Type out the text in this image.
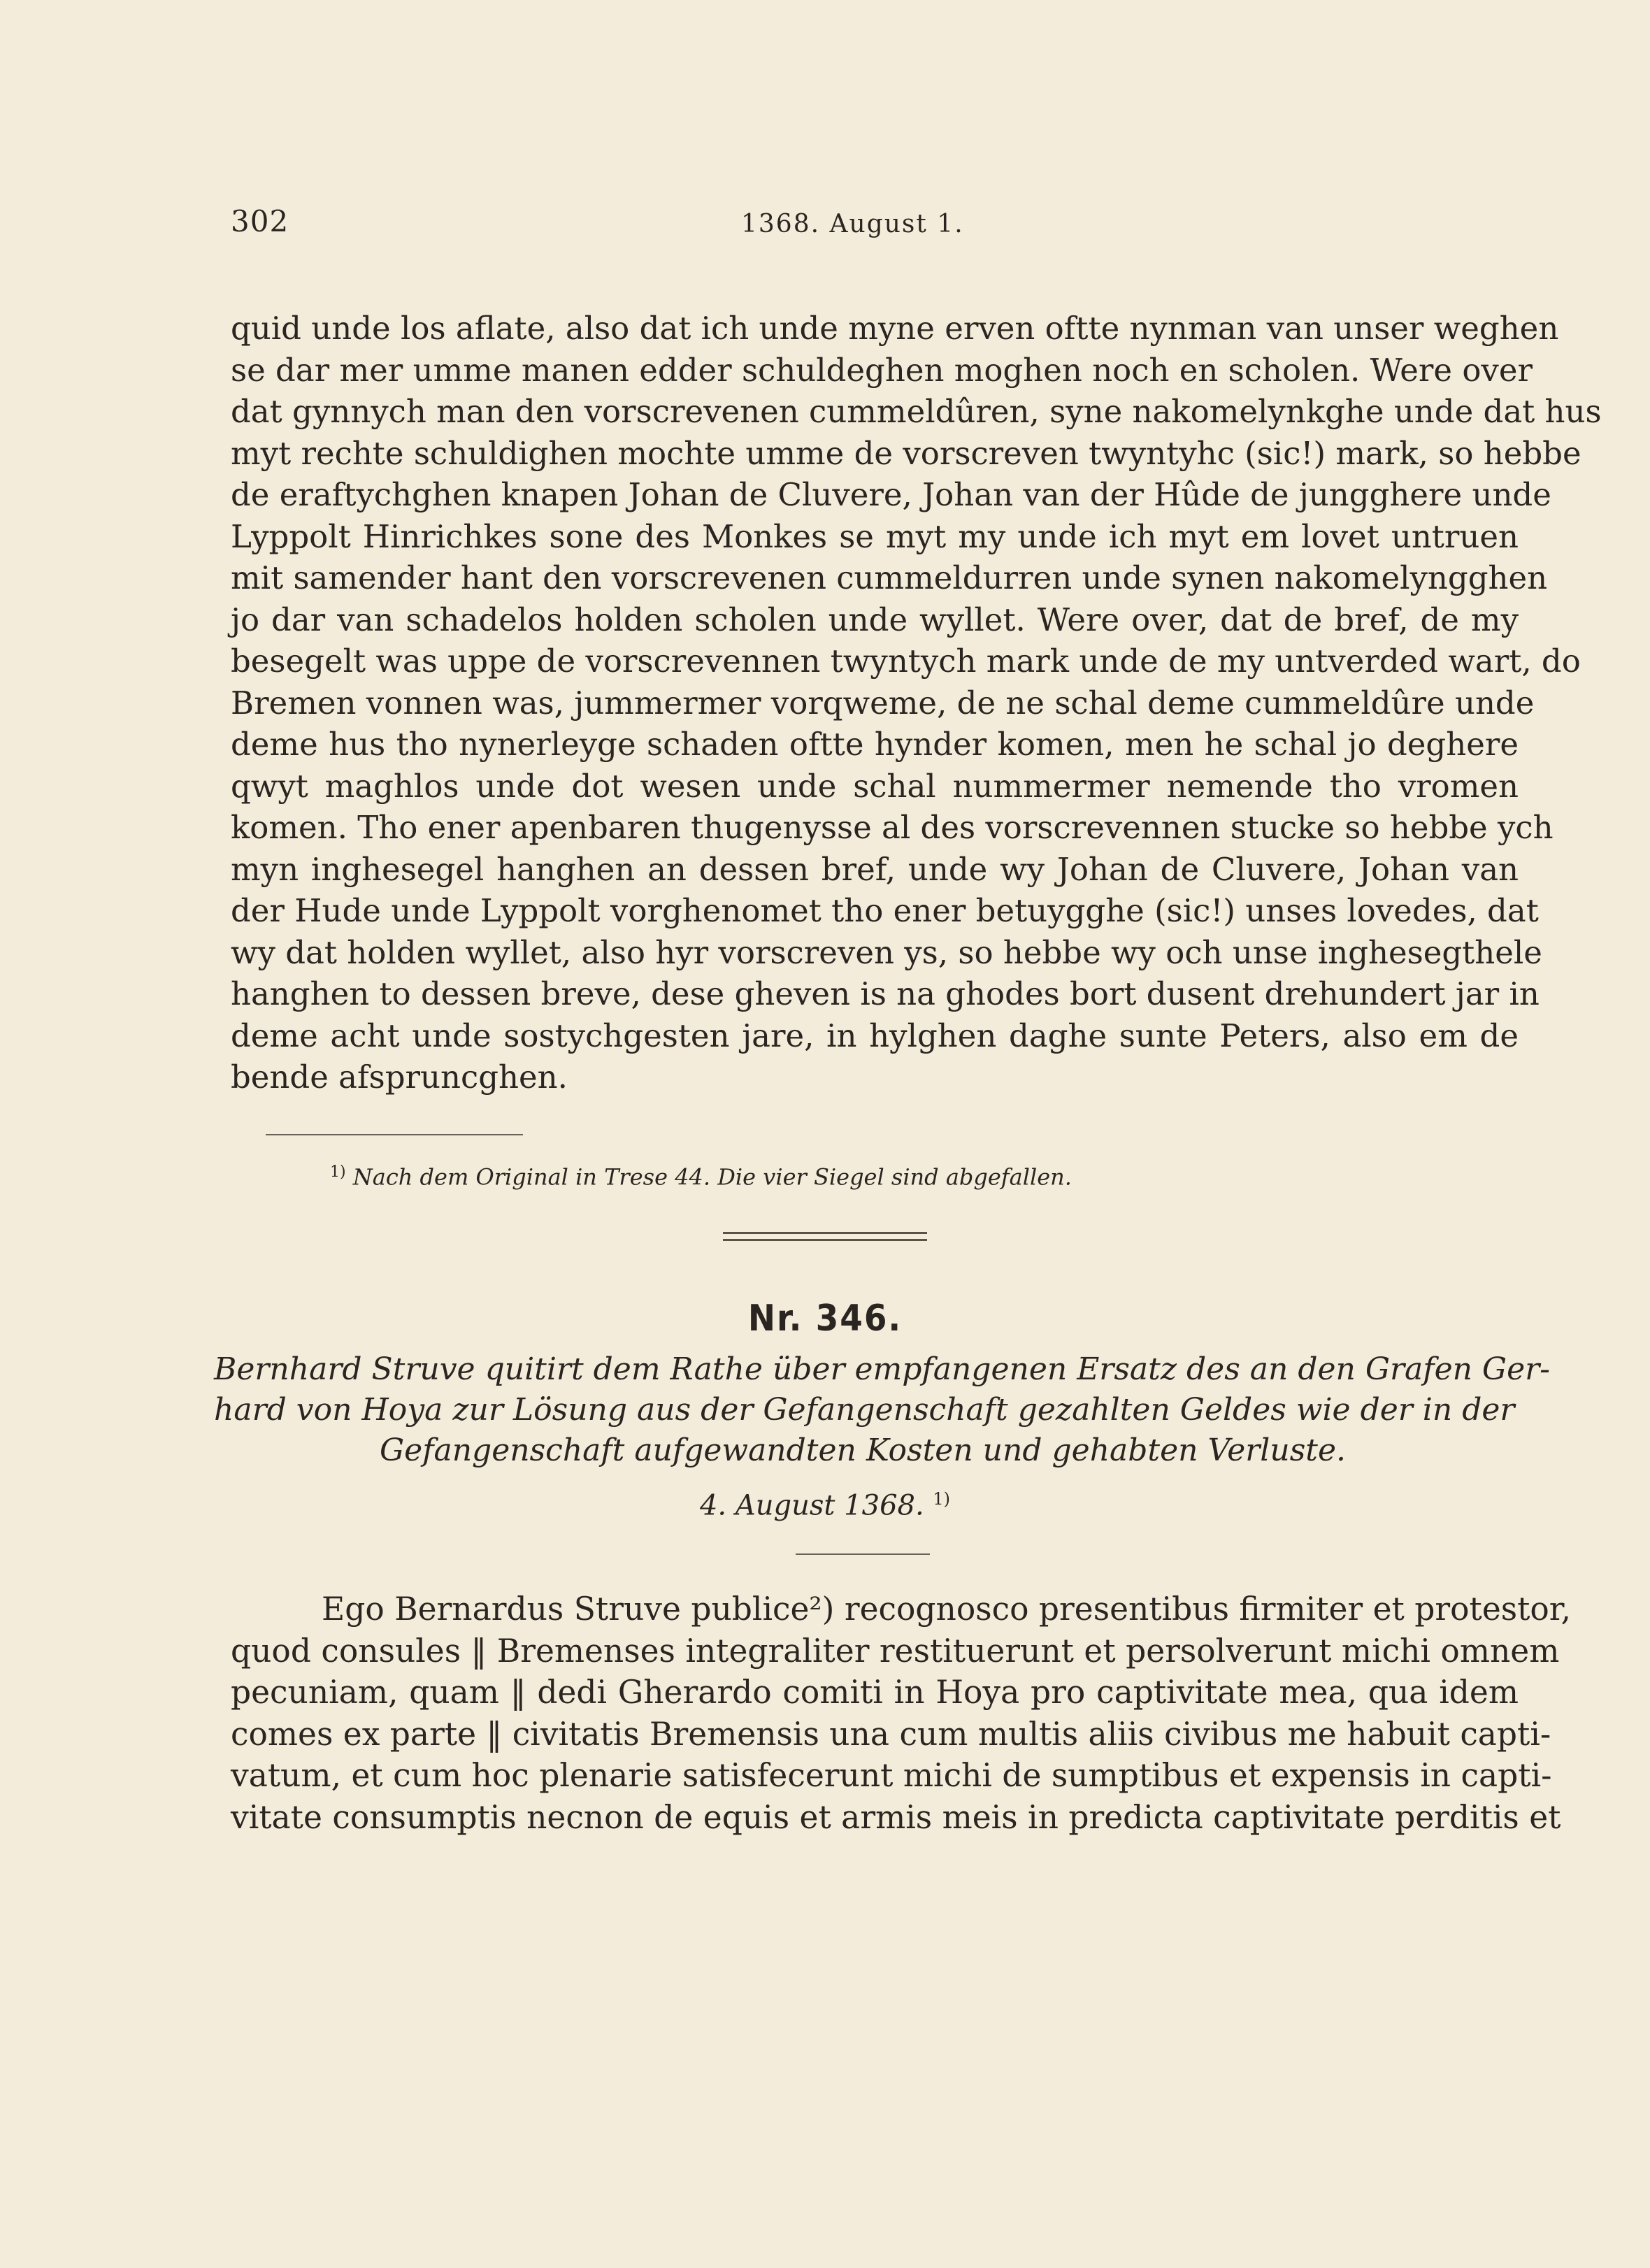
302	1368. August 1.
quid unde los aflate, also dat ich unde myne erven oftte nynman van unser weghen
se dar mer umme manen edder schuldeghen moghen noch en scholen. Were over
dat gynnych man den vorscrevenen cummeldûren, syne nakomelynkghe unde dat hus
myt rechte schuldighen mochte umme de vorscreven twyntyhc (sic!) mark, so hebbe
de eraftychghen knapen Johan de Cluvere, Johan van der Hûde de jungghere unde
Lyppolt Hinrichkes sone des Monkes se myt my unde ich myt em lovet untruen
mit samender hant den vorscrevenen cummeldurren unde synen nakomelyngghen
jo dar van schadelos holden scholen unde wyllet. Were over, dat de bref, de my
besegelt was uppe de vorscrevennen twyntych mark unde de my untverded wart, do
Bremen vonnen was, jummermer vorqweme, de ne schal deme cummeldûre unde
deme hus tho nynerleyge schaden oftte hynder komen, men he schal jo deghere
qwyt maghlos unde dot wesen unde schal nummermer nemende tho vromen
komen. Tho ener apenbaren thugenysse al des vorscrevennen stucke so hebbe ych
myn inghesegel hanghen an dessen bref, unde wy Johan de Cluvere, Johan van
der Hude unde Lyppolt vorghenomet tho ener betuygghe (sic!) unses lovedes, dat
wy dat holden wyllet, also hyr vorscreven ys, so hebbe wy och unse inghesegthele
hanghen to dessen breve, dese gheven is na ghodes bort dusent drehundert jar in
deme acht unde sostychgesten jare, in hylghen daghe sunte Peters, also em de
bende afspruncghen.
$^{1)}$ Nach dem Original in Trese 44. Die vier Siegel sind abgefallen.
Nr. 346.
Bernhard Struve quitirt dem Rathe über empfangenen Ersatz des an den Grafen Ger-
hard von Hoya zur Lösung aus der Gefangenschaft gezahlten Geldes wie der in der
Gefangenschaft aufgewandten Kosten und gehabten Verluste.
4. August 1368. $^{1)}$
Ego Bernardus Struve publice²) recognosco presentibus firmiter et protestor,
quod consules ‖ Bremenses integraliter restituerunt et persolverunt michi omnem
pecuniam, quam ‖ dedi Gherardo comiti in Hoya pro captivitate mea, qua idem
comes ex parte ‖ civitatis Bremensis una cum multis aliis civibus me habuit capti-
vatum, et cum hoc plenarie satisfecerunt michi de sumptibus et expensis in capti-
vitate consumptis necnon de equis et armis meis in predicta captivitate perditis et
